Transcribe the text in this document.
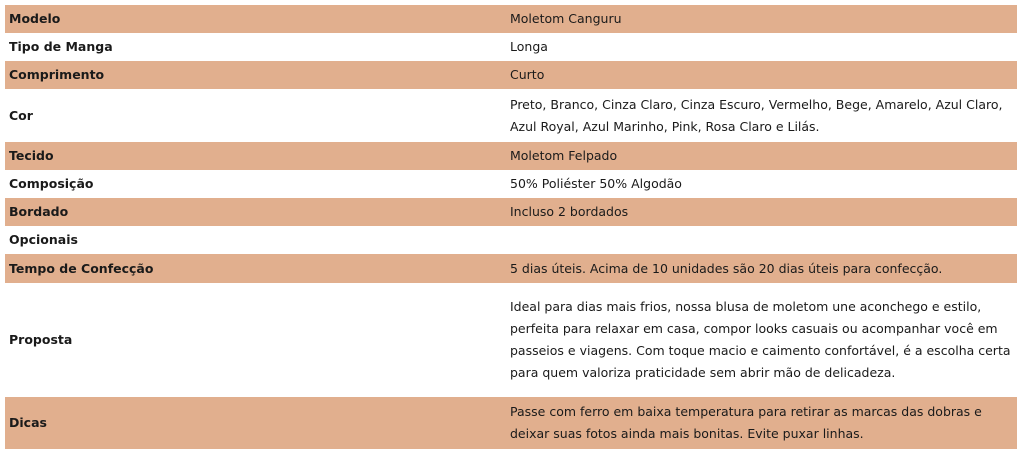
Modelo	Moletom Canguru
Tipo de Manga	Longa
Comprimento	Curto
Cor	Preto, Branco, Cinza Claro, Cinza Escuro, Vermelho, Bege, Amarelo, Azul Claro, Azul Royal, Azul Marinho, Pink, Rosa Claro e Lilás.
Tecido	Moletom Felpado
Composição	50% Poliéster 50% Algodão
Bordado	Incluso 2 bordados
Opcionais	
Tempo de Confecção	5 dias úteis. Acima de 10 unidades são 20 dias úteis para confecção.
Proposta	Ideal para dias mais frios, nossa blusa de moletom une aconchego e estilo, perfeita para relaxar em casa, compor looks casuais ou acompanhar você em passeios e viagens. Com toque macio e caimento confortável, é a escolha certa para quem valoriza praticidade sem abrir mão de delicadeza.
Dicas	Passe com ferro em baixa temperatura para retirar as marcas das dobras e deixar suas fotos ainda mais bonitas. Evite puxar linhas.
